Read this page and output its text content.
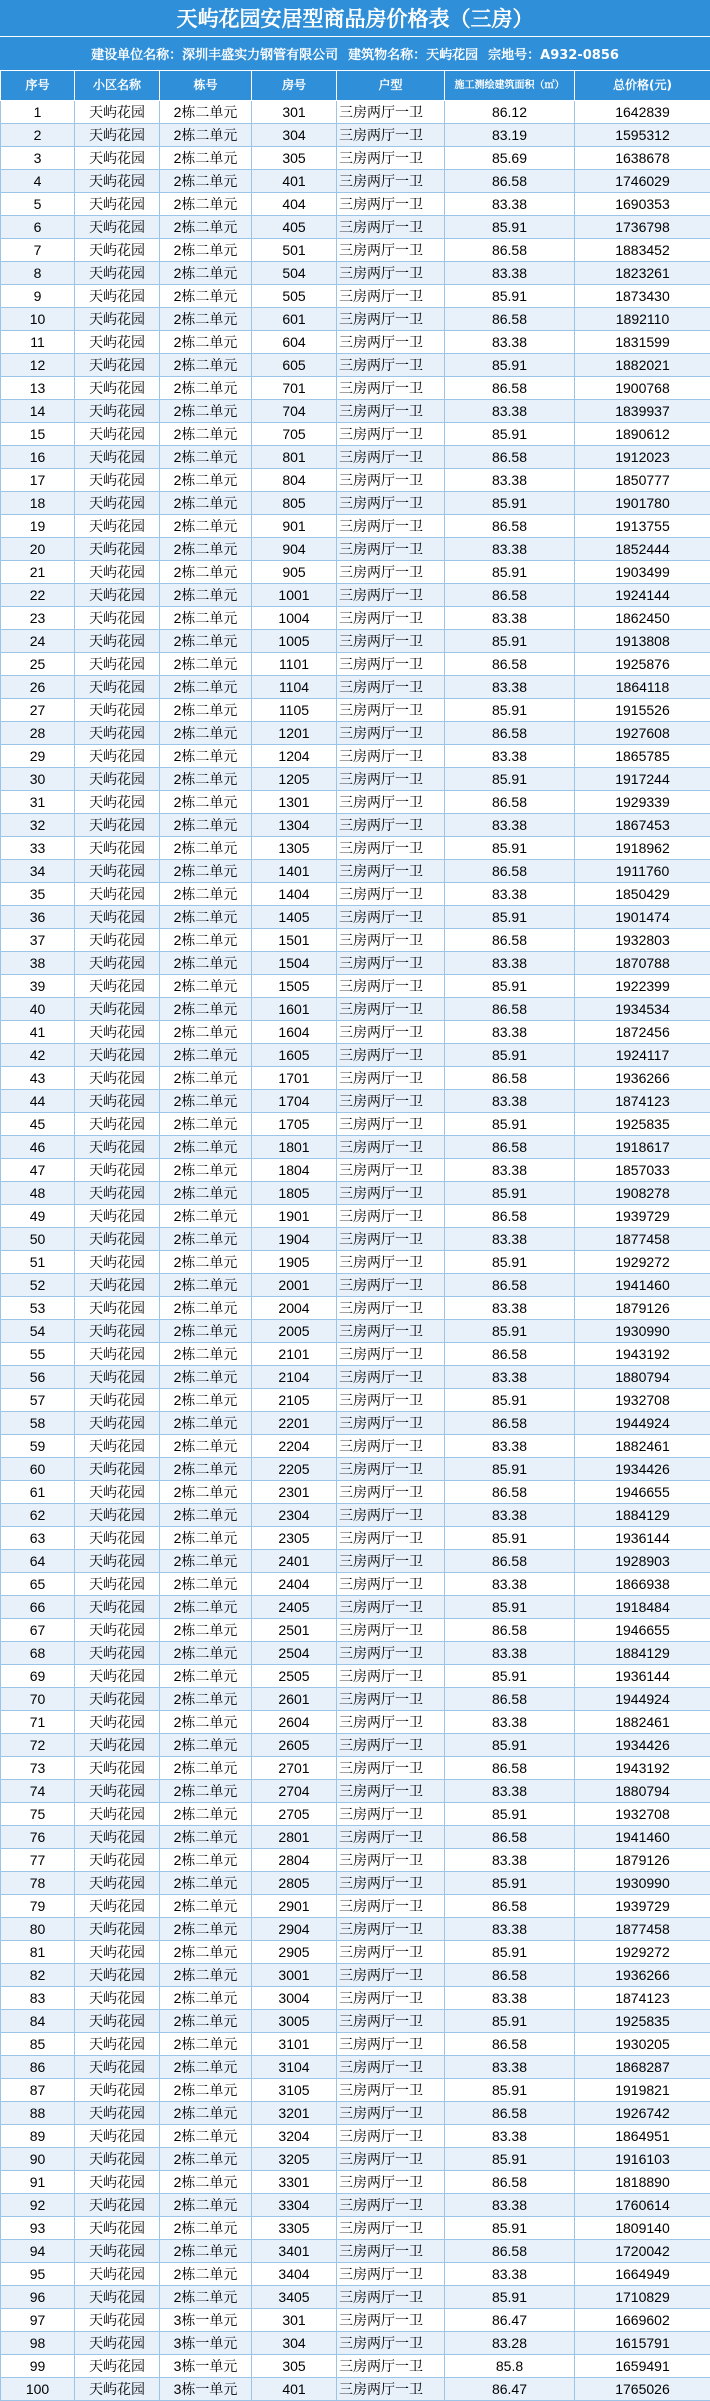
天屿花园安居型商品房价格表（三房）
建设单位名称：深圳丰盛实力钢管有限公司 建筑物名称：天屿花园 宗地号：A932-0856
序号	小区名称	栋号	房号	户型	施工测绘建筑面积（㎡）	总价格(元)
1	天屿花园	2栋二单元	301	三房两厅一卫	86.12	1642839
2	天屿花园	2栋二单元	304	三房两厅一卫	83.19	1595312
3	天屿花园	2栋二单元	305	三房两厅一卫	85.69	1638678
4	天屿花园	2栋二单元	401	三房两厅一卫	86.58	1746029
5	天屿花园	2栋二单元	404	三房两厅一卫	83.38	1690353
6	天屿花园	2栋二单元	405	三房两厅一卫	85.91	1736798
7	天屿花园	2栋二单元	501	三房两厅一卫	86.58	1883452
8	天屿花园	2栋二单元	504	三房两厅一卫	83.38	1823261
9	天屿花园	2栋二单元	505	三房两厅一卫	85.91	1873430
10	天屿花园	2栋二单元	601	三房两厅一卫	86.58	1892110
11	天屿花园	2栋二单元	604	三房两厅一卫	83.38	1831599
12	天屿花园	2栋二单元	605	三房两厅一卫	85.91	1882021
13	天屿花园	2栋二单元	701	三房两厅一卫	86.58	1900768
14	天屿花园	2栋二单元	704	三房两厅一卫	83.38	1839937
15	天屿花园	2栋二单元	705	三房两厅一卫	85.91	1890612
16	天屿花园	2栋二单元	801	三房两厅一卫	86.58	1912023
17	天屿花园	2栋二单元	804	三房两厅一卫	83.38	1850777
18	天屿花园	2栋二单元	805	三房两厅一卫	85.91	1901780
19	天屿花园	2栋二单元	901	三房两厅一卫	86.58	1913755
20	天屿花园	2栋二单元	904	三房两厅一卫	83.38	1852444
21	天屿花园	2栋二单元	905	三房两厅一卫	85.91	1903499
22	天屿花园	2栋二单元	1001	三房两厅一卫	86.58	1924144
23	天屿花园	2栋二单元	1004	三房两厅一卫	83.38	1862450
24	天屿花园	2栋二单元	1005	三房两厅一卫	85.91	1913808
25	天屿花园	2栋二单元	1101	三房两厅一卫	86.58	1925876
26	天屿花园	2栋二单元	1104	三房两厅一卫	83.38	1864118
27	天屿花园	2栋二单元	1105	三房两厅一卫	85.91	1915526
28	天屿花园	2栋二单元	1201	三房两厅一卫	86.58	1927608
29	天屿花园	2栋二单元	1204	三房两厅一卫	83.38	1865785
30	天屿花园	2栋二单元	1205	三房两厅一卫	85.91	1917244
31	天屿花园	2栋二单元	1301	三房两厅一卫	86.58	1929339
32	天屿花园	2栋二单元	1304	三房两厅一卫	83.38	1867453
33	天屿花园	2栋二单元	1305	三房两厅一卫	85.91	1918962
34	天屿花园	2栋二单元	1401	三房两厅一卫	86.58	1911760
35	天屿花园	2栋二单元	1404	三房两厅一卫	83.38	1850429
36	天屿花园	2栋二单元	1405	三房两厅一卫	85.91	1901474
37	天屿花园	2栋二单元	1501	三房两厅一卫	86.58	1932803
38	天屿花园	2栋二单元	1504	三房两厅一卫	83.38	1870788
39	天屿花园	2栋二单元	1505	三房两厅一卫	85.91	1922399
40	天屿花园	2栋二单元	1601	三房两厅一卫	86.58	1934534
41	天屿花园	2栋二单元	1604	三房两厅一卫	83.38	1872456
42	天屿花园	2栋二单元	1605	三房两厅一卫	85.91	1924117
43	天屿花园	2栋二单元	1701	三房两厅一卫	86.58	1936266
44	天屿花园	2栋二单元	1704	三房两厅一卫	83.38	1874123
45	天屿花园	2栋二单元	1705	三房两厅一卫	85.91	1925835
46	天屿花园	2栋二单元	1801	三房两厅一卫	86.58	1918617
47	天屿花园	2栋二单元	1804	三房两厅一卫	83.38	1857033
48	天屿花园	2栋二单元	1805	三房两厅一卫	85.91	1908278
49	天屿花园	2栋二单元	1901	三房两厅一卫	86.58	1939729
50	天屿花园	2栋二单元	1904	三房两厅一卫	83.38	1877458
51	天屿花园	2栋二单元	1905	三房两厅一卫	85.91	1929272
52	天屿花园	2栋二单元	2001	三房两厅一卫	86.58	1941460
53	天屿花园	2栋二单元	2004	三房两厅一卫	83.38	1879126
54	天屿花园	2栋二单元	2005	三房两厅一卫	85.91	1930990
55	天屿花园	2栋二单元	2101	三房两厅一卫	86.58	1943192
56	天屿花园	2栋二单元	2104	三房两厅一卫	83.38	1880794
57	天屿花园	2栋二单元	2105	三房两厅一卫	85.91	1932708
58	天屿花园	2栋二单元	2201	三房两厅一卫	86.58	1944924
59	天屿花园	2栋二单元	2204	三房两厅一卫	83.38	1882461
60	天屿花园	2栋二单元	2205	三房两厅一卫	85.91	1934426
61	天屿花园	2栋二单元	2301	三房两厅一卫	86.58	1946655
62	天屿花园	2栋二单元	2304	三房两厅一卫	83.38	1884129
63	天屿花园	2栋二单元	2305	三房两厅一卫	85.91	1936144
64	天屿花园	2栋二单元	2401	三房两厅一卫	86.58	1928903
65	天屿花园	2栋二单元	2404	三房两厅一卫	83.38	1866938
66	天屿花园	2栋二单元	2405	三房两厅一卫	85.91	1918484
67	天屿花园	2栋二单元	2501	三房两厅一卫	86.58	1946655
68	天屿花园	2栋二单元	2504	三房两厅一卫	83.38	1884129
69	天屿花园	2栋二单元	2505	三房两厅一卫	85.91	1936144
70	天屿花园	2栋二单元	2601	三房两厅一卫	86.58	1944924
71	天屿花园	2栋二单元	2604	三房两厅一卫	83.38	1882461
72	天屿花园	2栋二单元	2605	三房两厅一卫	85.91	1934426
73	天屿花园	2栋二单元	2701	三房两厅一卫	86.58	1943192
74	天屿花园	2栋二单元	2704	三房两厅一卫	83.38	1880794
75	天屿花园	2栋二单元	2705	三房两厅一卫	85.91	1932708
76	天屿花园	2栋二单元	2801	三房两厅一卫	86.58	1941460
77	天屿花园	2栋二单元	2804	三房两厅一卫	83.38	1879126
78	天屿花园	2栋二单元	2805	三房两厅一卫	85.91	1930990
79	天屿花园	2栋二单元	2901	三房两厅一卫	86.58	1939729
80	天屿花园	2栋二单元	2904	三房两厅一卫	83.38	1877458
81	天屿花园	2栋二单元	2905	三房两厅一卫	85.91	1929272
82	天屿花园	2栋二单元	3001	三房两厅一卫	86.58	1936266
83	天屿花园	2栋二单元	3004	三房两厅一卫	83.38	1874123
84	天屿花园	2栋二单元	3005	三房两厅一卫	85.91	1925835
85	天屿花园	2栋二单元	3101	三房两厅一卫	86.58	1930205
86	天屿花园	2栋二单元	3104	三房两厅一卫	83.38	1868287
87	天屿花园	2栋二单元	3105	三房两厅一卫	85.91	1919821
88	天屿花园	2栋二单元	3201	三房两厅一卫	86.58	1926742
89	天屿花园	2栋二单元	3204	三房两厅一卫	83.38	1864951
90	天屿花园	2栋二单元	3205	三房两厅一卫	85.91	1916103
91	天屿花园	2栋二单元	3301	三房两厅一卫	86.58	1818890
92	天屿花园	2栋二单元	3304	三房两厅一卫	83.38	1760614
93	天屿花园	2栋二单元	3305	三房两厅一卫	85.91	1809140
94	天屿花园	2栋二单元	3401	三房两厅一卫	86.58	1720042
95	天屿花园	2栋二单元	3404	三房两厅一卫	83.38	1664949
96	天屿花园	2栋二单元	3405	三房两厅一卫	85.91	1710829
97	天屿花园	3栋一单元	301	三房两厅一卫	86.47	1669602
98	天屿花园	3栋一单元	304	三房两厅一卫	83.28	1615791
99	天屿花园	3栋一单元	305	三房两厅一卫	85.8	1659491
100	天屿花园	3栋一单元	401	三房两厅一卫	86.47	1765026
